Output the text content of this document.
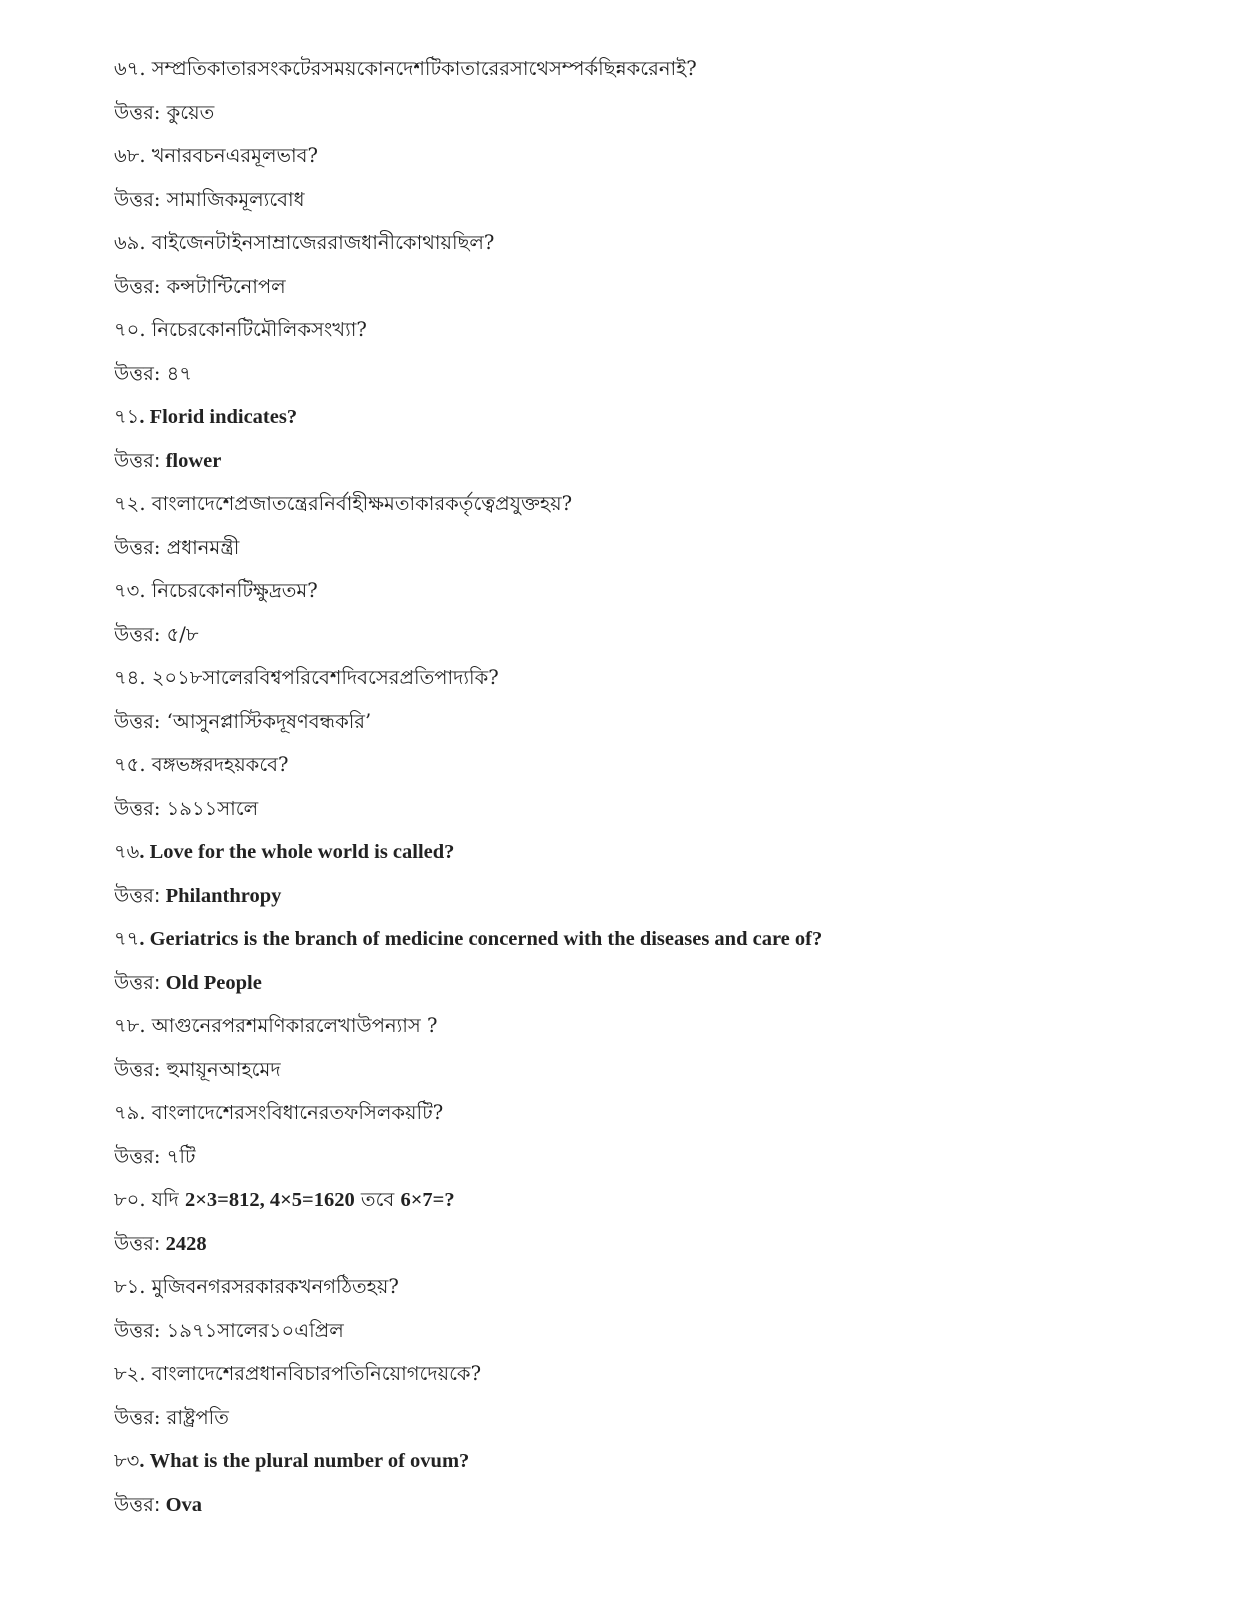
৬৭. সম্প্রতিকাতারসংকটেরসময়কোনদেশটিকাতারেরসাথেসম্পর্কছিন্নকরেনাই?
উত্তর: কুয়েত
৬৮. খনারবচনএরমূলভাব?
উত্তর: সামাজিকমূল্যবোধ
৬৯. বাইজেনটাইনসাম্রাজেররাজধানীকোথায়ছিল?
উত্তর: কন্সটান্টিনোপল
৭০. নিচেরকোনটিমৌলিকসংখ্যা?
উত্তর: ৪৭
৭১. Florid indicates?
উত্তর: flower
৭২. বাংলাদেশেপ্রজাতন্ত্রেরনির্বাহীক্ষমতাকারকর্তৃত্বেপ্রযুক্তহয়?
উত্তর: প্রধানমন্ত্রী
৭৩. নিচেরকোনটিক্ষুদ্রতম?
উত্তর: ৫/৮
৭৪. ২০১৮সালেরবিশ্বপরিবেশদিবসেরপ্রতিপাদ্যকি?
উত্তর: ‘আসুনপ্লাস্টিকদূষণবন্ধকরি’
৭৫. বঙ্গভঙ্গরদহয়কবে?
উত্তর: ১৯১১সালে
৭৬. Love for the whole world is called?
উত্তর: Philanthropy
৭৭. Geriatrics is the branch of medicine concerned with the diseases and care of?
উত্তর: Old People
৭৮. আগুনেরপরশমণিকারলেখাউপন্যাস ?
উত্তর: হুমায়ূনআহমেদ
৭৯. বাংলাদেশেরসংবিধানেরতফসিলকয়টি?
উত্তর: ৭টি
৮০. যদি 2×3=812, 4×5=1620 তবে 6×7=?
উত্তর: 2428
৮১. মুজিবনগরসরকারকখনগঠিতহয়?
উত্তর: ১৯৭১সালের১০এপ্রিল
৮২. বাংলাদেশেরপ্রধানবিচারপতিনিয়োগদেয়কে?
উত্তর: রাষ্ট্রপতি
৮৩. What is the plural number of ovum?
উত্তর: Ova
